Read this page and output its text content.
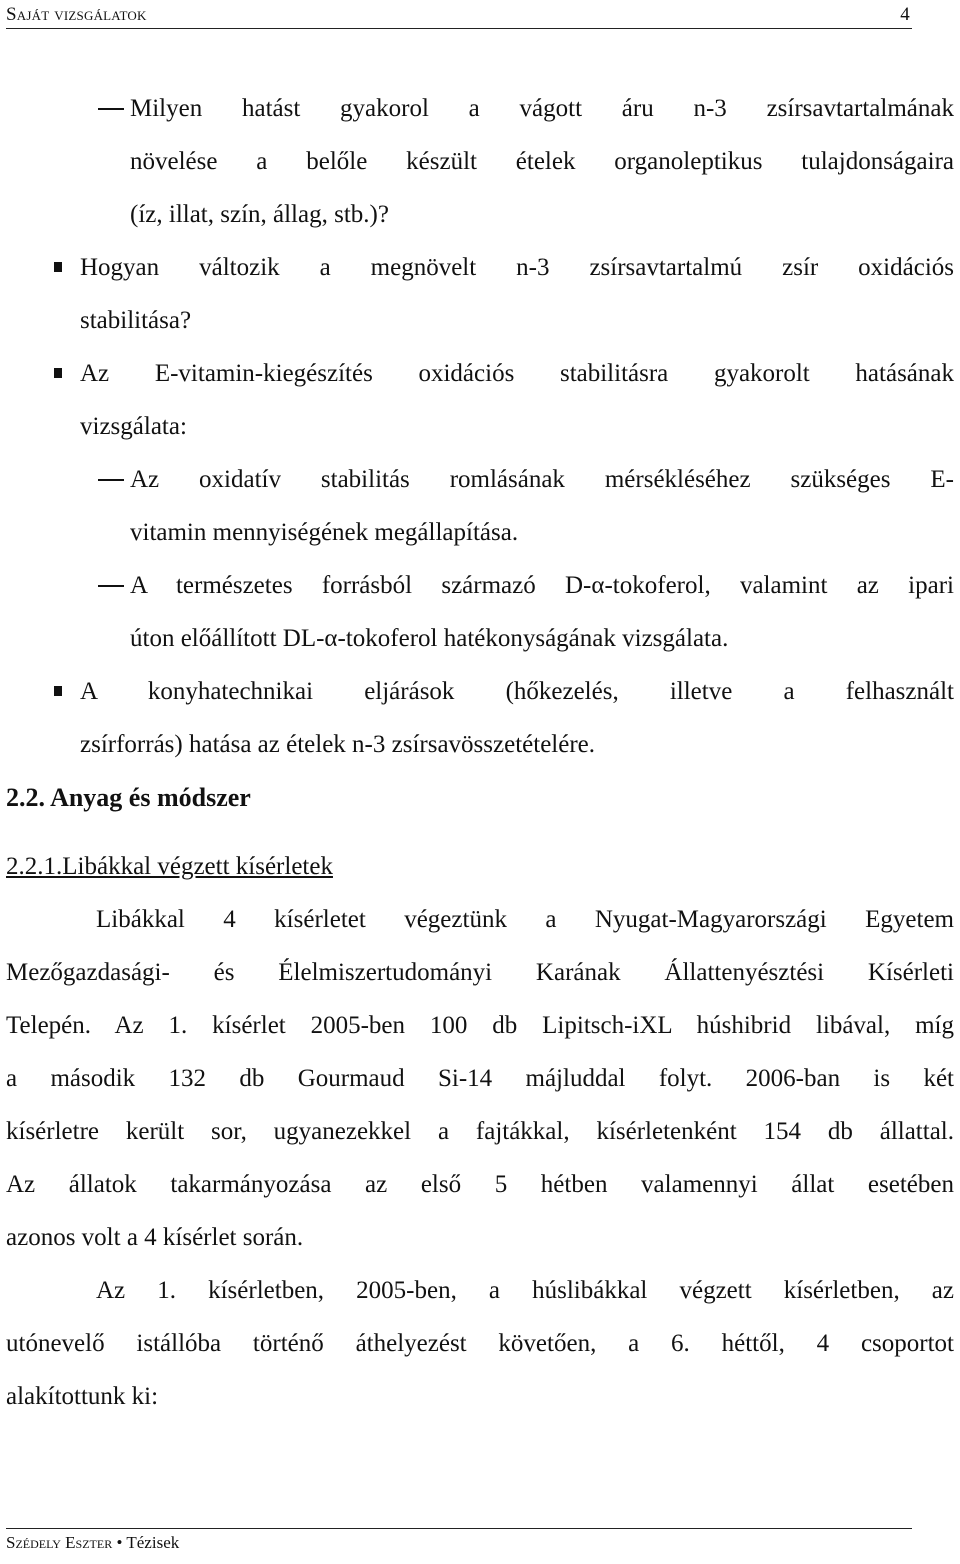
Saját vizsgálatok	4
Milyen hatást gyakorol a vágott áru n-3 zsírsavtartalmának
növelése a belőle készült ételek organoleptikus tulajdonságaira
(íz, illat, szín, állag, stb.)?
Hogyan változik a megnövelt n-3 zsírsavtartalmú zsír oxidációs
stabilitása?
Az E-vitamin-kiegészítés oxidációs stabilitásra gyakorolt hatásának
vizsgálata:
Az oxidatív stabilitás romlásának mérsékléséhez szükséges E-
vitamin mennyiségének megállapítása.
A természetes forrásból származó D-α-tokoferol, valamint az ipari
úton előállított DL-α-tokoferol hatékonyságának vizsgálata.
A konyhatechnikai eljárások (hőkezelés, illetve a felhasznált
zsírforrás) hatása az ételek n-3 zsírsavösszetételére.
2.2. Anyag és módszer
2.2.1.Libákkal végzett kísérletek
Libákkal 4 kísérletet végeztünk a Nyugat-Magyarországi Egyetem
Mezőgazdasági- és Élelmiszertudományi Karának Állattenyésztési Kísérleti
Telepén. Az 1. kísérlet 2005-ben 100 db Lipitsch-iXL húshibrid libával, míg
a második 132 db Gourmaud Si-14 májluddal folyt. 2006-ban is két
kísérletre került sor, ugyanezekkel a fajtákkal, kísérletenként 154 db állattal.
Az állatok takarmányozása az első 5 hétben valamennyi állat esetében
azonos volt a 4 kísérlet során.
Az 1. kísérletben, 2005-ben, a húslibákkal végzett kísérletben, az
utónevelő istállóba történő áthelyezést követően, a 6. héttől, 4 csoportot
alakítottunk ki:
Szédely Eszter • Tézisek
